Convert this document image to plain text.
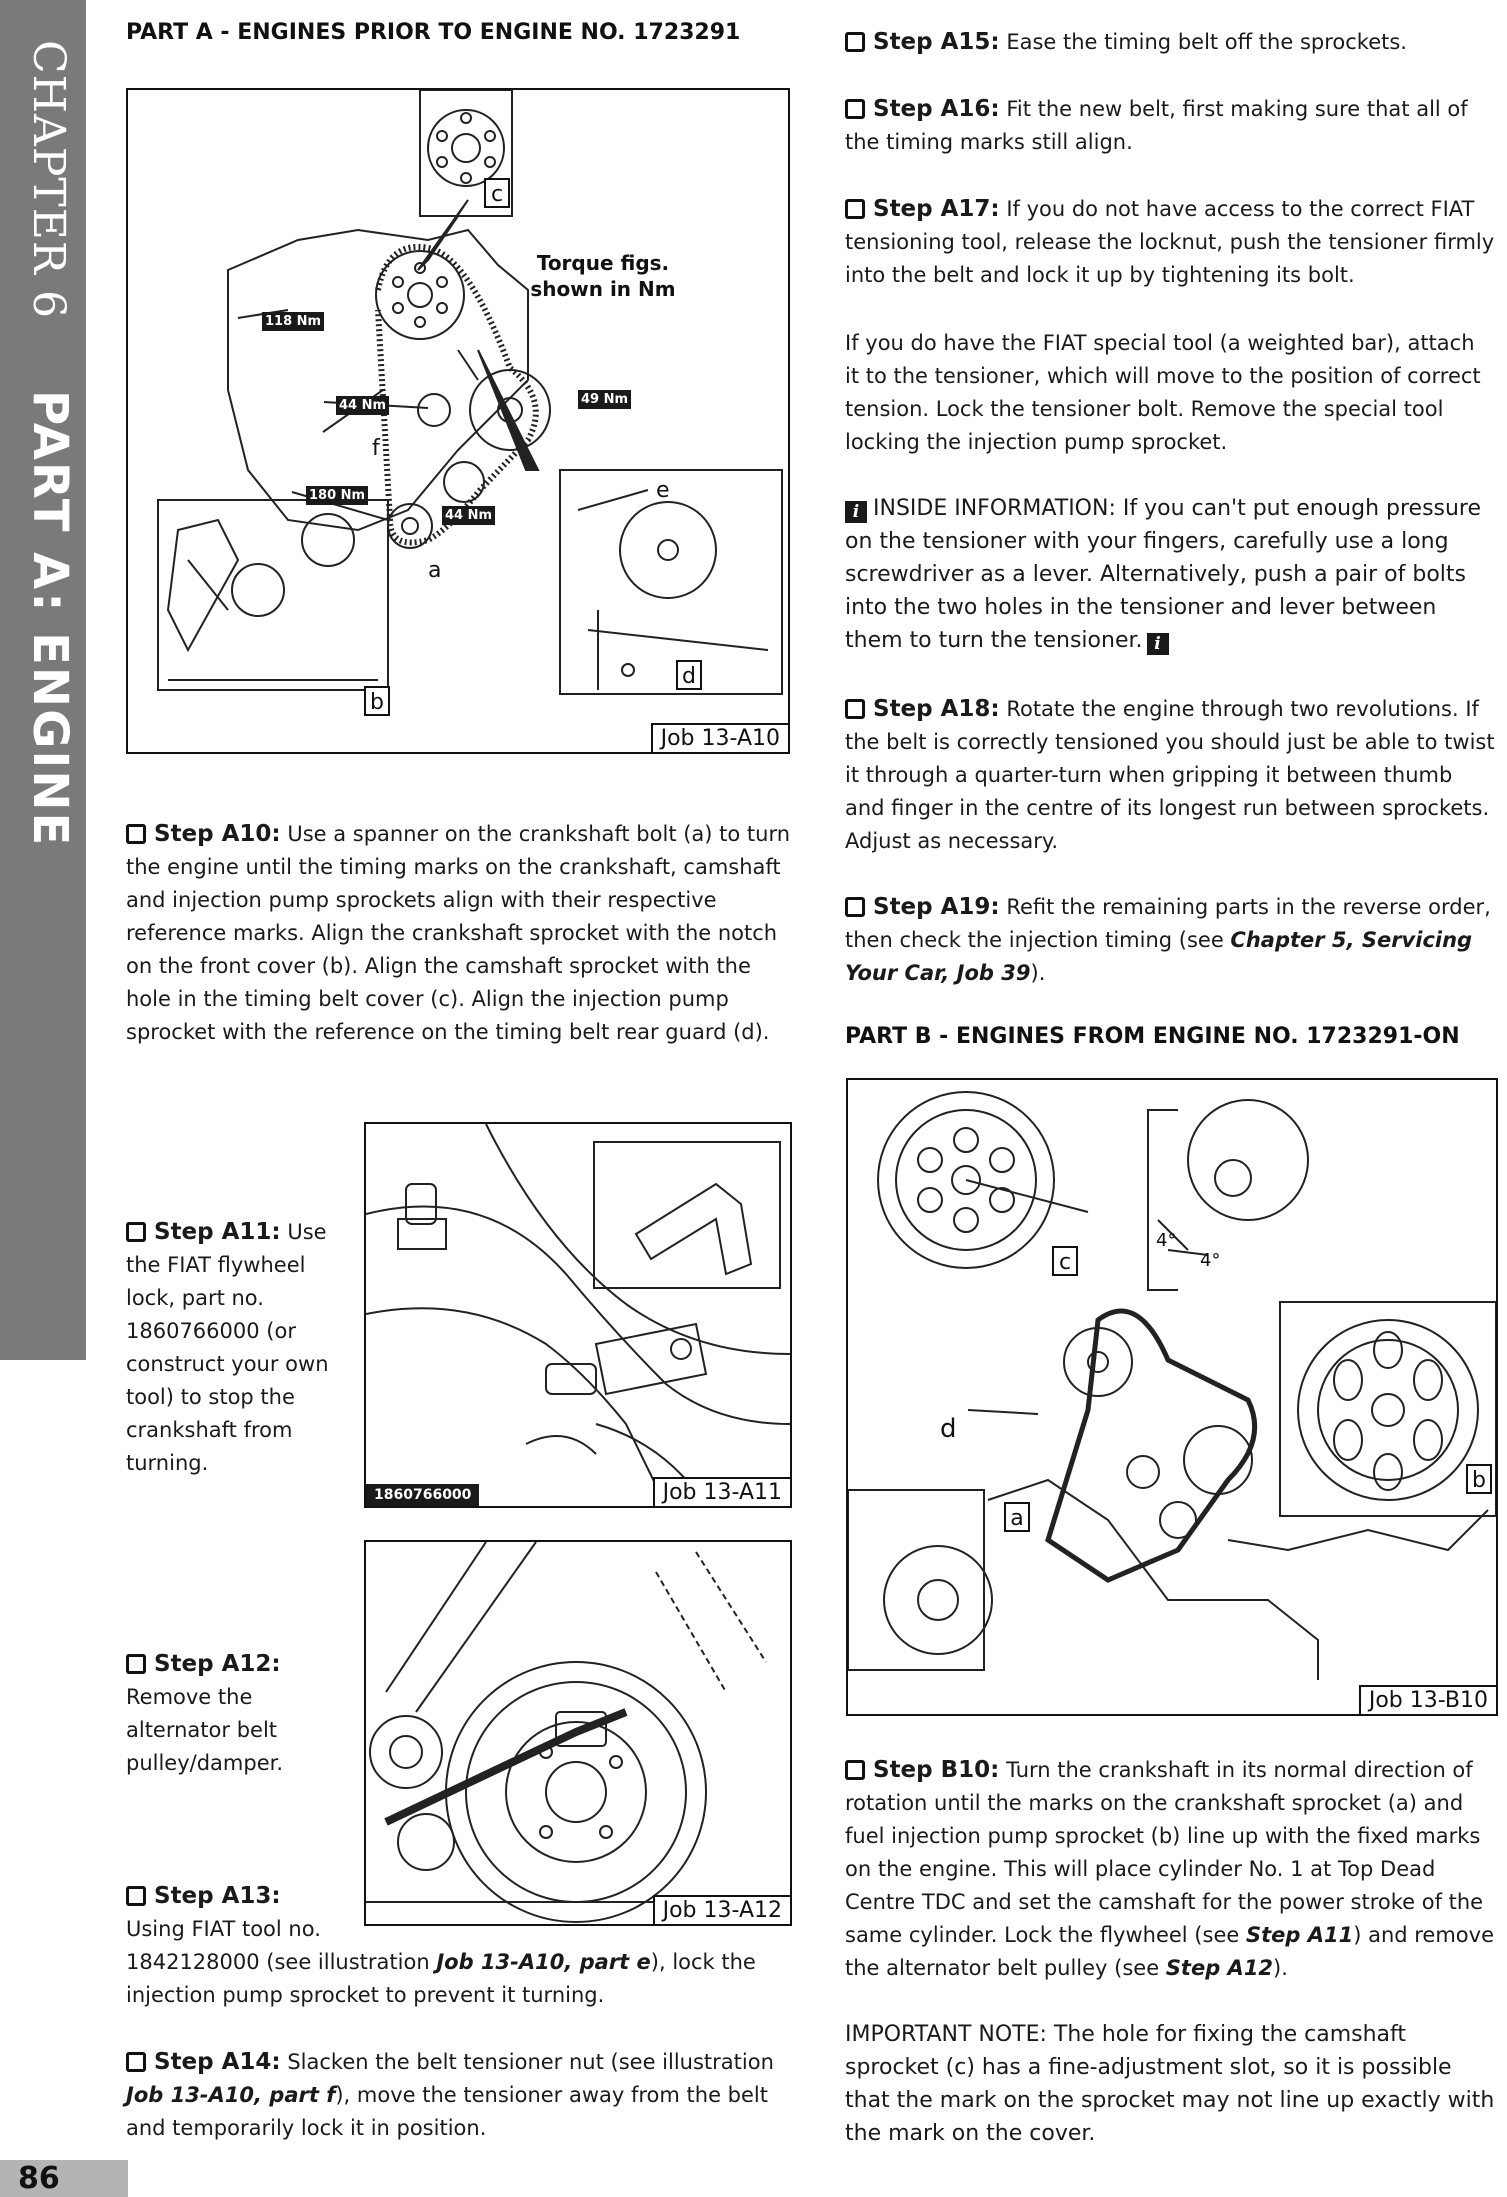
CHAPTER 6
PART A: ENGINE
86
PART A - ENGINES PRIOR TO ENGINE NO. 1723291
c
Torque figs. shown in Nm
118 Nm
44 Nm	49 Nm
180 Nm
44 Nm
f
a
e
b
d
Job 13-A10
Step A10: Use a spanner on the crankshaft bolt (a) to turn the engine until the timing marks on the crankshaft, camshaft and injection pump sprockets align with their respective reference marks. Align the crankshaft sprocket with the notch on the front cover (b). Align the camshaft sprocket with the hole in the timing belt cover (c). Align the injection pump sprocket with the reference on the timing belt rear guard (d).
1860766000	Job 13-A11
Step A11: Use the FIAT flywheel lock, part no. 1860766000 (or construct your own tool) to stop the crankshaft from turning.
Job 13-A12
Step A12: Remove the alternator belt pulley/damper.
Step A13:
Using FIAT tool no.
1842128000 (see illustration Job 13-A10, part e), lock the
injection pump sprocket to prevent it turning.
Step A14: Slacken the belt tensioner nut (see illustration Job 13-A10, part f), move the tensioner away from the belt and temporarily lock it in position.
Step A15: Ease the timing belt off the sprockets.
Step A16: Fit the new belt, first making sure that all of the timing marks still align.
Step A17: If you do not have access to the correct FIAT tensioning tool, release the locknut, push the tensioner firmly into the belt and lock it up by tightening its bolt.
If you do have the FIAT special tool (a weighted bar), attach it to the tensioner, which will move to the position of correct tension. Lock the tensioner bolt. Remove the special tool locking the injection pump sprocket.
i INSIDE INFORMATION: If you can't put enough pressure on the tensioner with your fingers, carefully use a long screwdriver as a lever. Alternatively, push a pair of bolts into the two holes in the tensioner and lever between them to turn the tensioner. i
Step A18: Rotate the engine through two revolutions. If the belt is correctly tensioned you should just be able to twist it through a quarter-turn when gripping it between thumb and finger in the centre of its longest run between sprockets. Adjust as necessary.
Step A19: Refit the remaining parts in the reverse order, then check the injection timing (see Chapter 5, Servicing Your Car, Job 39).
PART B - ENGINES FROM ENGINE NO. 1723291-ON
4°
4°
c
d
a
b
Job 13-B10
Step B10: Turn the crankshaft in its normal direction of rotation until the marks on the crankshaft sprocket (a) and fuel injection pump sprocket (b) line up with the fixed marks on the engine. This will place cylinder No. 1 at Top Dead Centre TDC and set the camshaft for the power stroke of the same cylinder. Lock the flywheel (see Step A11) and remove the alternator belt pulley (see Step A12).
IMPORTANT NOTE: The hole for fixing the camshaft sprocket (c) has a fine-adjustment slot, so it is possible that the mark on the sprocket may not line up exactly with the mark on the cover.
